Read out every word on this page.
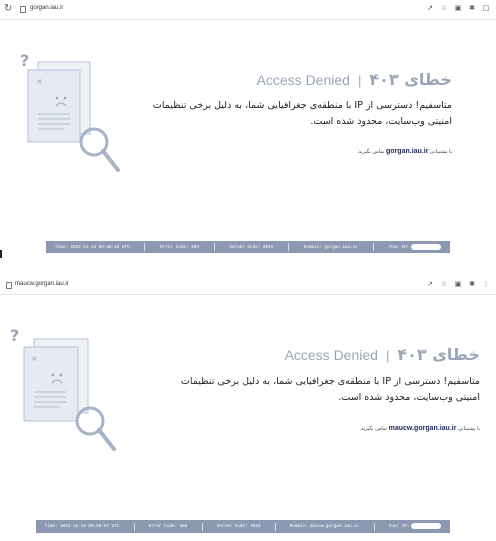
↻	gorgan.iau.ir	↗ ☆ ▣ ✱ □
?
×	Access Denied | خطای ۴۰۳
متاسفیم! دسترسی از IP با منطقه‌ی جغرافیایی شما، به دلیل برخی تنظیمات
امنیتی وب‌سایت، محدود شده است.
با پشتیبانی gorgan.iau.ir تماس بگیرید.
Time: 2022-12-14 08:55:45 UTC	Error Code: 403	Server Code: 2021	Domain: gorgan.iau.ir	Your IP:
maucw.gorgan.iau.ir	↗ ☆ ▣ ✱ ⋮
?
×	Access Denied | خطای ۴۰۳
متاسفیم! دسترسی از IP با منطقه‌ی جغرافیایی شما، به دلیل برخی تنظیمات
امنیتی وب‌سایت، محدود شده است.
با پشتیبانی maucw.gorgan.iau.ir تماس بگیرید.
Time: 2022-12-14 08:55:57 UTC	Error Code: 403	Server Code: 2023	Domain: maucw.gorgan.iau.ir	Your IP:
